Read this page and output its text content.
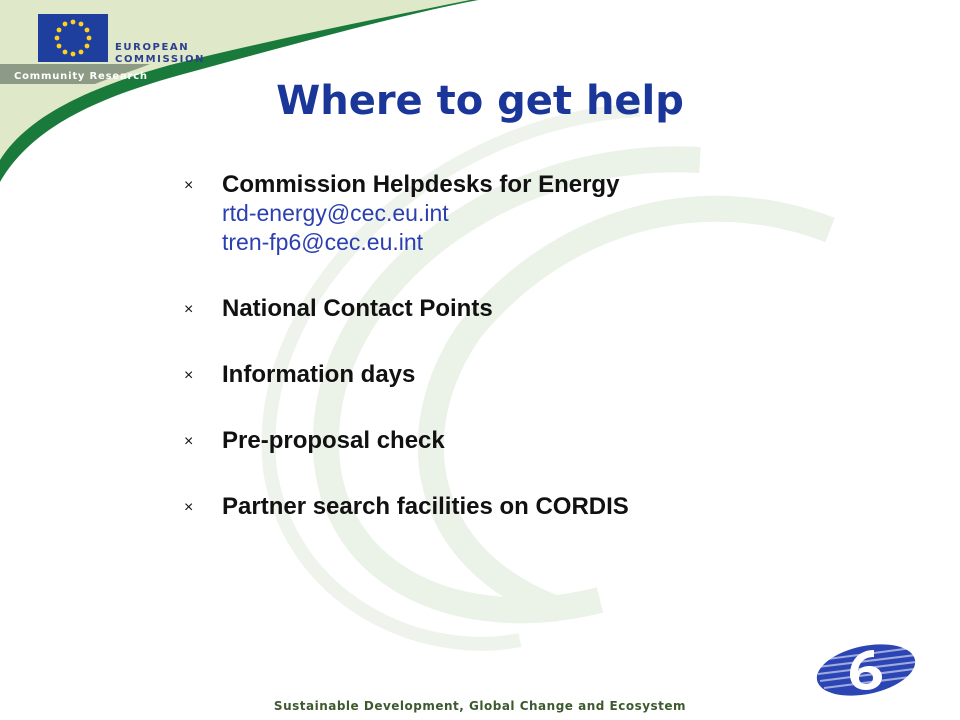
EUROPEAN
COMMISSION
Community Research
Where to get help
× Commission Helpdesks for Energy
rtd-energy@cec.eu.int
tren-fp6@cec.eu.int
× National Contact Points
× Information days
× Pre-proposal check
× Partner search facilities on CORDIS
Sustainable Development, Global Change and Ecosystem
